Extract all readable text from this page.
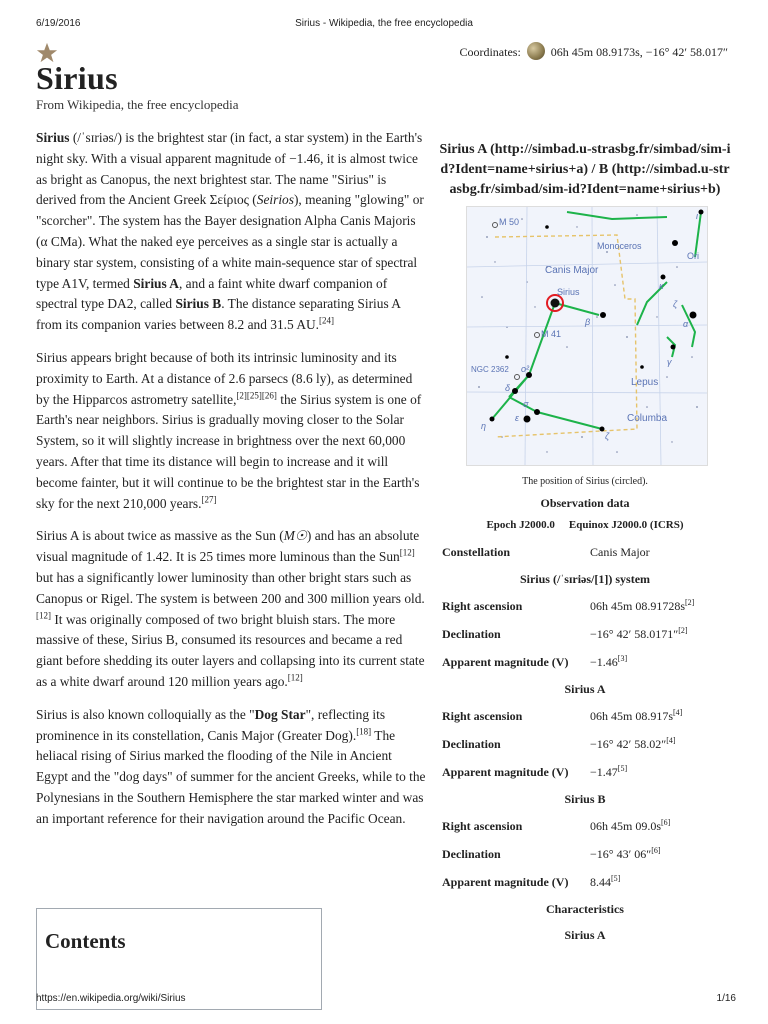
6/19/2016	Sirius - Wikipedia, the free encyclopedia
Coordinates:	06h 45m 08.9173s, −16° 42′ 58.017″
Sirius
From Wikipedia, the free encyclopedia

Sirius (/ˈsɪriəs/) is the brightest star (in fact, a star system) in the Earth's night sky. With a visual apparent magnitude of −1.46, it is almost twice as bright as Canopus, the next brightest star. The name "Sirius" is derived from the Ancient Greek Σείριος (Seirios), meaning "glowing" or "scorcher". The system has the Bayer designation Alpha Canis Majoris (α CMa). What the naked eye perceives as a single star is actually a binary star system, consisting of a white main-sequence star of spectral type A1V, termed Sirius A, and a faint white dwarf companion of spectral type DA2, called Sirius B. The distance separating Sirius A from its companion varies between 8.2 and 31.5 AU.[24]

Sirius appears bright because of both its intrinsic luminosity and its proximity to Earth. At a distance of 2.6 parsecs (8.6 ly), as determined by the Hipparcos astrometry satellite,[2][25][26] the Sirius system is one of Earth's near neighbors. Sirius is gradually moving closer to the Solar System, so it will slightly increase in brightness over the next 60,000 years. After that time its distance will begin to increase and it will become fainter, but it will continue to be the brightest star in the Earth's sky for the next 210,000 years.[27]

Sirius A is about twice as massive as the Sun (M☉) and has an absolute visual magnitude of 1.42. It is 25 times more luminous than the Sun[12] but has a significantly lower luminosity than other bright stars such as Canopus or Rigel. The system is between 200 and 300 million years old.[12] It was originally composed of two bright bluish stars. The more massive of these, Sirius B, consumed its resources and became a red giant before shedding its outer layers and collapsing into its current state as a white dwarf around 120 million years ago.[12]

Sirius is also known colloquially as the "Dog Star", reflecting its prominence in its constellation, Canis Major (Greater Dog).[18] The heliacal rising of Sirius marked the flooding of the Nile in Ancient Egypt and the "dog days" of summer for the ancient Greeks, while to the Polynesians in the Southern Hemisphere the star marked winter and was an important reference for their navigation around the Pacific Ocean.

Contents
Sirius A (http://simbad.u-strasbg.fr/simbad/sim-id?Ident=name+sirius+a) / B (http://simbad.u-strasbg.fr/simbad/sim-id?Ident=name+sirius+b)
M 50
Ori
Monoceros
Canis Major
Sirius
M 41
NGC 2362
Lepus
Columba
ι
κ
ζ
β	α
γ
o²
δ
σ
ε
η
ζ
The position of Sirius (circled).
Observation data
Epoch J2000.0 Equinox J2000.0 (ICRS)
Constellation	Canis Major
Sirius (/ˈsɪriəs/[1]) system
Right ascension	06h 45m 08.91728s[2]
Declination	−16° 42′ 58.0171″[2]
Apparent magnitude (V)	−1.46[3]
Sirius A
Right ascension	06h 45m 08.917s[4]
Declination	−16° 42′ 58.02″[4]
Apparent magnitude (V)	−1.47[5]
Sirius B
Right ascension	06h 45m 09.0s[6]
Declination	−16° 43′ 06″[6]
Apparent magnitude (V)	8.44[5]
Characteristics
Sirius A
https://en.wikipedia.org/wiki/Sirius	1/16
